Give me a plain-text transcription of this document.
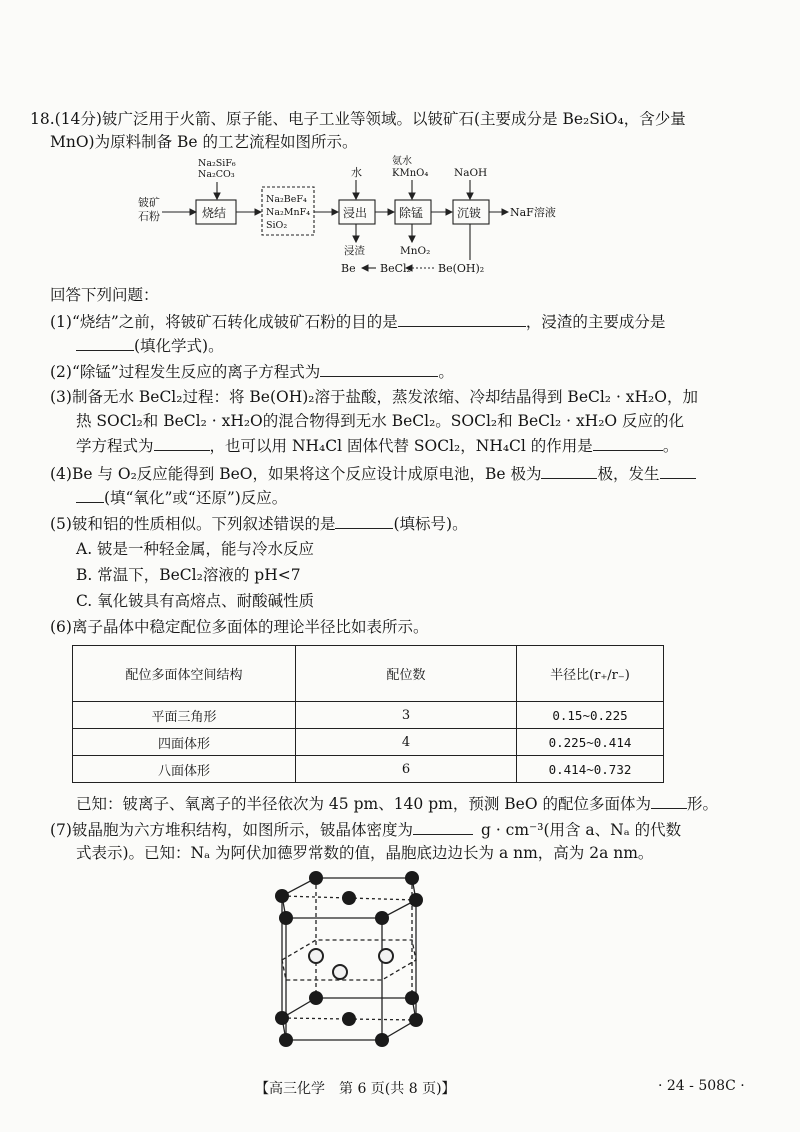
18.(14分)铍广泛用于火箭、原子能、电子工业等领域。以铍矿石(主要成分是 Be₂SiO₄，含少量
MnO)为原料制备 Be 的工艺流程如图所示。
铍矿
石粉
Na₂SiF₆
Na₂CO₃
烧结
Na₂BeF₄
Na₂MnF₄
SiO₂
水
浸出
浸渣
氨水
KMnO₄
除锰
MnO₂
NaOH
沉铍	NaF溶液
Be BeCl₂ Be(OH)₂
回答下列问题：
(1)“烧结”之前，将铍矿石转化成铍矿石粉的目的是	，浸渣的主要成分是
(填化学式)。
(2)“除锰”过程发生反应的离子方程式为	。
(3)制备无水 BeCl₂过程：将 Be(OH)₂溶于盐酸，蒸发浓缩、冷却结晶得到 BeCl₂ · xH₂O，加
热 SOCl₂和 BeCl₂ · xH₂O的混合物得到无水 BeCl₂。SOCl₂和 BeCl₂ · xH₂O 反应的化
学方程式为	，也可以用 NH₄Cl 固体代替 SOCl₂，NH₄Cl 的作用是	。
(4)Be 与 O₂反应能得到 BeO，如果将这个反应设计成原电池，Be 极为	极，发生
(填“氧化”或“还原”)反应。
(5)铍和铝的性质相似。下列叙述错误的是	(填标号)。
A. 铍是一种轻金属，能与冷水反应
B. 常温下，BeCl₂溶液的 pH<7
C. 氧化铍具有高熔点、耐酸碱性质
(6)离子晶体中稳定配位多面体的理论半径比如表所示。
配位多面体空间结构	配位数	半径比(r₊/r₋)
平面三角形	3	0.15~0.225
四面体形	4	0.225~0.414
八面体形	6	0.414~0.732
已知：铍离子、氧离子的半径依次为 45 pm、140 pm，预测 BeO 的配位多面体为 形。
(7)铍晶胞为六方堆积结构，如图所示，铍晶体密度为	g · cm⁻³(用含 a、Nₐ 的代数
式表示)。已知：Nₐ 为阿伏加德罗常数的值，晶胞底边边长为 a nm，高为 2a nm。
【高三化学　第 6 页(共 8 页)】	· 24 - 508C ·
